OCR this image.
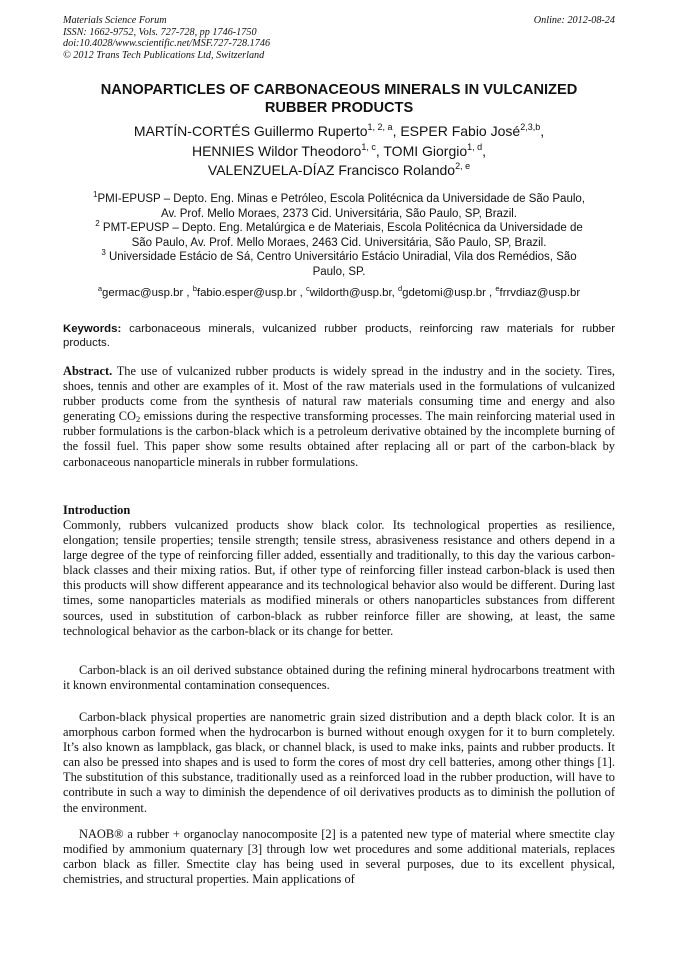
Materials Science Forum
ISSN: 1662-9752, Vols. 727-728, pp 1746-1750
doi:10.4028/www.scientific.net/MSF.727-728.1746
© 2012 Trans Tech Publications Ltd, Switzerland
Online: 2012-08-24
NANOPARTICLES OF CARBONACEOUS MINERALS IN VULCANIZED
RUBBER PRODUCTS
MARTÍN-CORTÉS Guillermo Ruperto$^{1, 2, a}$, ESPER Fabio José$^{2,3,b}$,
HENNIES Wildor Theodoro$^{1, c}$, TOMI Giorgio$^{1, d}$,
VALENZUELA-DÍAZ Francisco Rolando$^{2, e}$

$^1$PMI-EPUSP – Depto. Eng. Minas e Petróleo, Escola Politécnica da Universidade de São Paulo,

Av. Prof. Mello Moraes, 2373 Cid. Universitária, São Paulo, SP, Brazil.

$^2$ PMT-EPUSP – Depto. Eng. Metalúrgica e de Materiais, Escola Politécnica da Universidade de

São Paulo, Av. Prof. Mello Moraes, 2463 Cid. Universitária, São Paulo, SP, Brazil.

$^3$ Universidade Estácio de Sá, Centro Universitário Estácio Uniradial, Vila dos Remédios, São

Paulo, SP.

$^a$germac@usp.br , $^b$fabio.esper@usp.br , $^c$wildorth@usp.br, $^d$gdetomi@usp.br , $^e$frrvdiaz@usp.br
Keywords: carbonaceous minerals, vulcanized rubber products, reinforcing raw materials for rubber products.
Abstract. The use of vulcanized rubber products is widely spread in the industry and in the society. Tires, shoes, tennis and other are examples of it. Most of the raw materials used in the formulations of vulcanized rubber products come from the synthesis of natural raw materials consuming time and energy and also generating $CO_2$ emissions during the respective transforming processes. The main reinforcing material used in rubber formulations is the carbon-black which is a petroleum derivative obtained by the incomplete burning of the fossil fuel. This paper show some results obtained after replacing all or part of the carbon-black by carbonaceous nanoparticle minerals in rubber formulations.
Introduction

Commonly, rubbers vulcanized products show black color. Its technological properties as resilience, elongation; tensile properties; tensile strength; tensile stress, abrasiveness resistance and others depend in a large degree of the type of reinforcing filler added, essentially and traditionally, to this day the various carbon-black classes and their mixing ratios. But, if other type of reinforcing filler instead carbon-black is used then this products will show different appearance and its technological behavior also would be different. During last times, some nanoparticles materials as modified minerals or others nanoparticles substances from different sources, used in substitution of carbon-black as rubber reinforce filler are showing, at least, the same technological behavior as the carbon-black or its change for better.

Carbon-black is an oil derived substance obtained during the refining mineral hydrocarbons treatment with it known environmental contamination consequences.

Carbon-black physical properties are nanometric grain sized distribution and a depth black color. It is an amorphous carbon formed when the hydrocarbon is burned without enough oxygen for it to burn completely. It’s also known as lampblack, gas black, or channel black, is used to make inks, paints and rubber products. It can also be pressed into shapes and is used to form the cores of most dry cell batteries, among other things [1]. The substitution of this substance, traditionally used as a reinforced load in the rubber production, will have to contribute in such a way to diminish the dependence of oil derivatives products as to diminish the pollution of the environment.

NAOB® a rubber + organoclay nanocomposite [2] is a patented new type of material where smectite clay modified by ammonium quaternary [3] through low wet procedures and some additional materials, replaces carbon black as filler. Smectite clay has being used in several purposes, due to its excellent physical, chemistries, and structural properties. Main applications of
